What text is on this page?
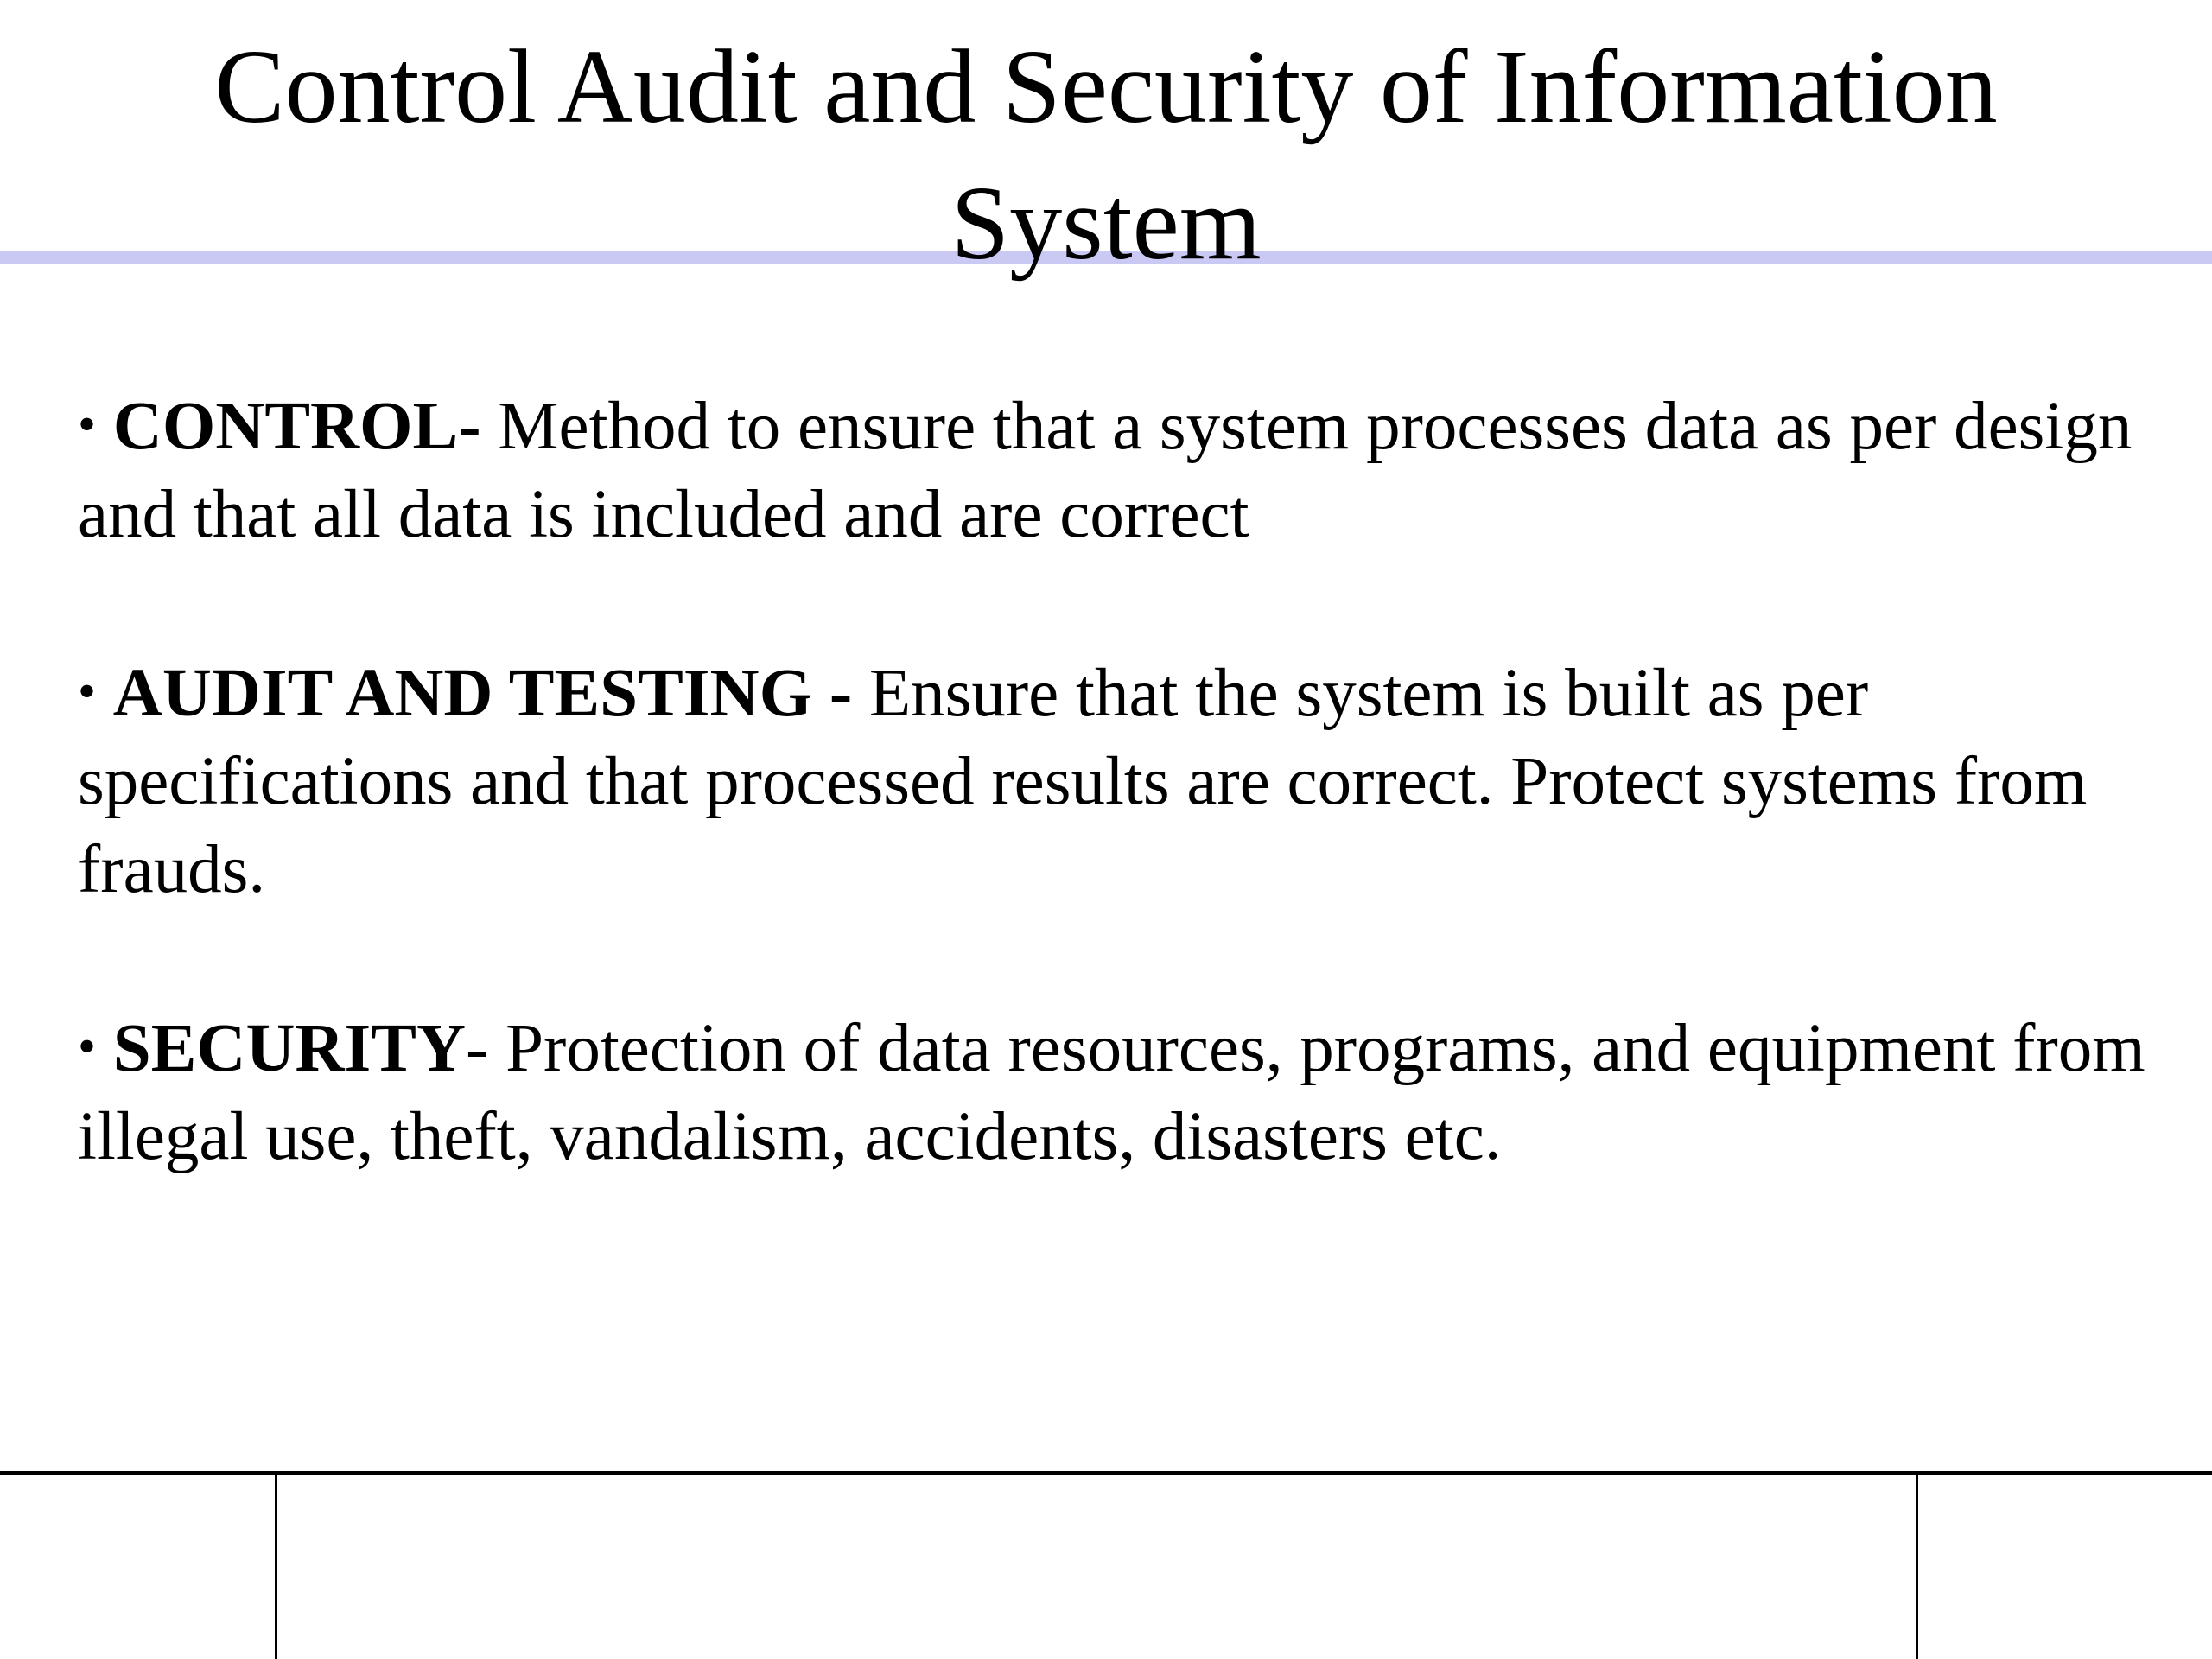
Control Audit and Security of Information
System

• CONTROL- Method to ensure that a system processes data as per design and that all data is included and are correct

• AUDIT AND TESTING - Ensure that the system is built as per specifications and that processed results are correct. Protect systems from frauds.

• SECURITY- Protection of data resources, programs, and equipment from illegal use, theft, vandalism, accidents, disasters etc.
